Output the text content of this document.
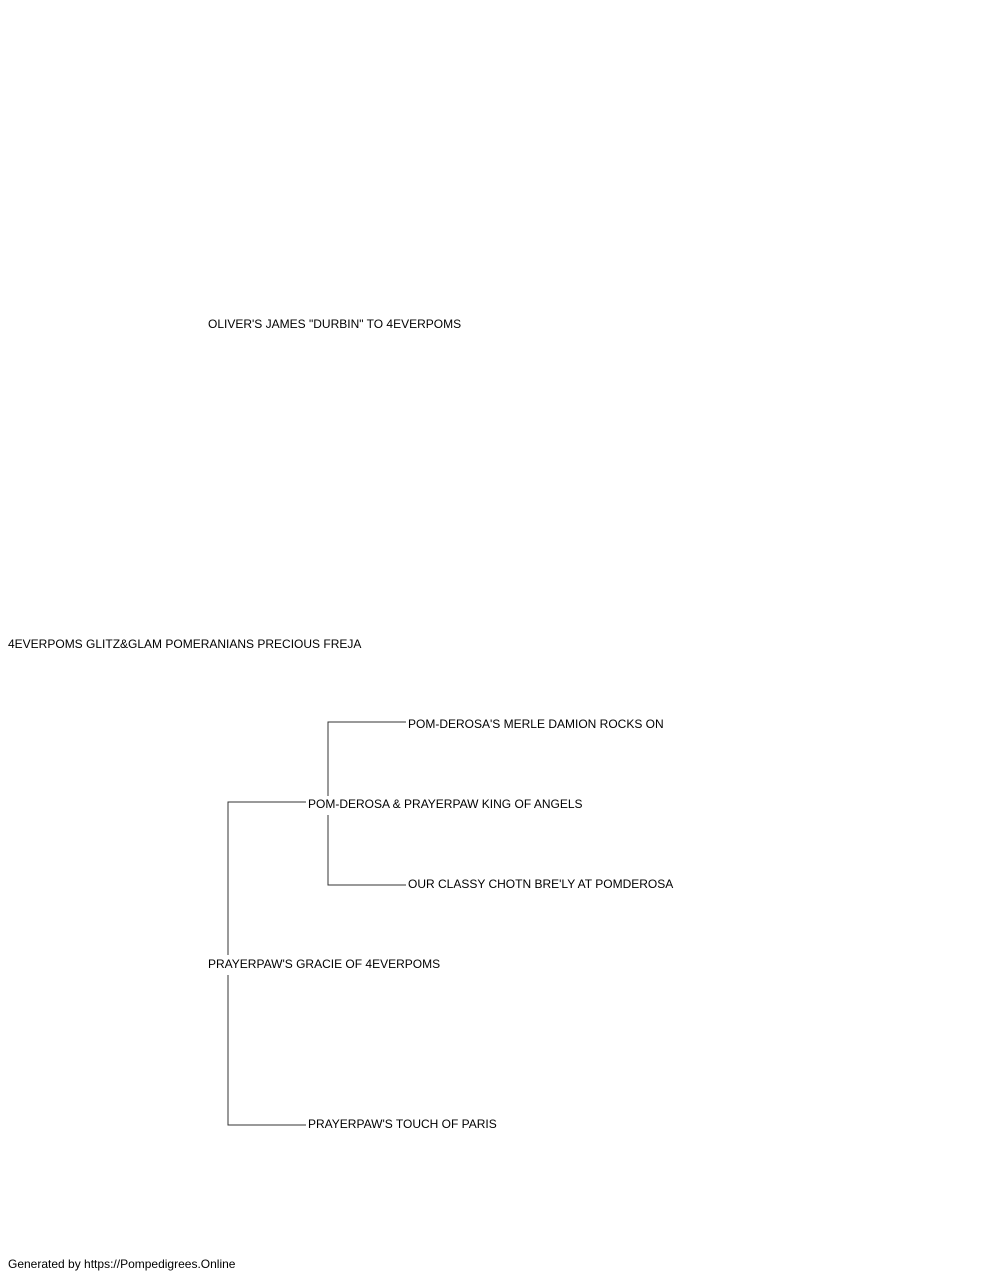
OLIVER'S JAMES "DURBIN" TO 4EVERPOMS
4EVERPOMS GLITZ&GLAM POMERANIANS PRECIOUS FREJA
POM-DEROSA'S MERLE DAMION ROCKS ON
POM-DEROSA & PRAYERPAW KING OF ANGELS
OUR CLASSY CHOTN BRE'LY AT POMDEROSA
PRAYERPAW'S GRACIE OF 4EVERPOMS
PRAYERPAW'S TOUCH OF PARIS
Generated by https://Pompedigrees.Online
